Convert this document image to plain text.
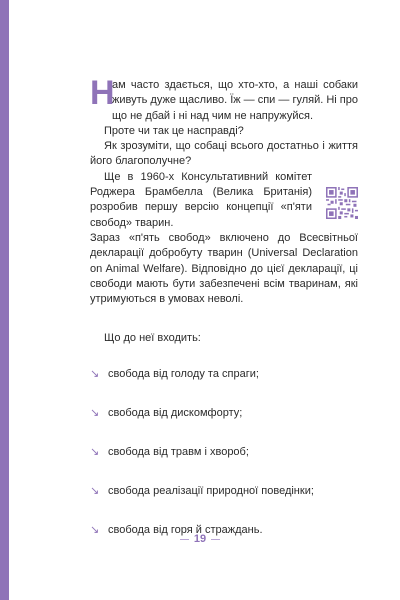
Н
ам часто здається, що хто-хто, а наші собаки живуть дуже щасливо. Їж — спи — гуляй. Ні про що не дбай і ні над чим не напружуйся.

Проте чи так це насправді?

Як зрозуміти, що собаці всього достатньо і життя його благополучне?

Ще в 1960-х Консультативний комітет Роджера Брамбелла (Велика Британія) розробив першу версію концепції «п'яти свобод» тварин.

Зараз «п'ять свобод» включено до Всесвітньої декларації добробуту тварин (Universal Declaration on Animal Welfare). Відповідно до цієї декларації, ці свободи мають бути забезпечені всім тваринам, які утримуються в умовах неволі.

Що до неї входить:

↘ свобода від голоду та спраги;
↘ свобода від дискомфорту;
↘ свобода від травм і хвороб;
↘ свобода реалізації природної поведінки;
↘ свобода від горя й страждань.
19
